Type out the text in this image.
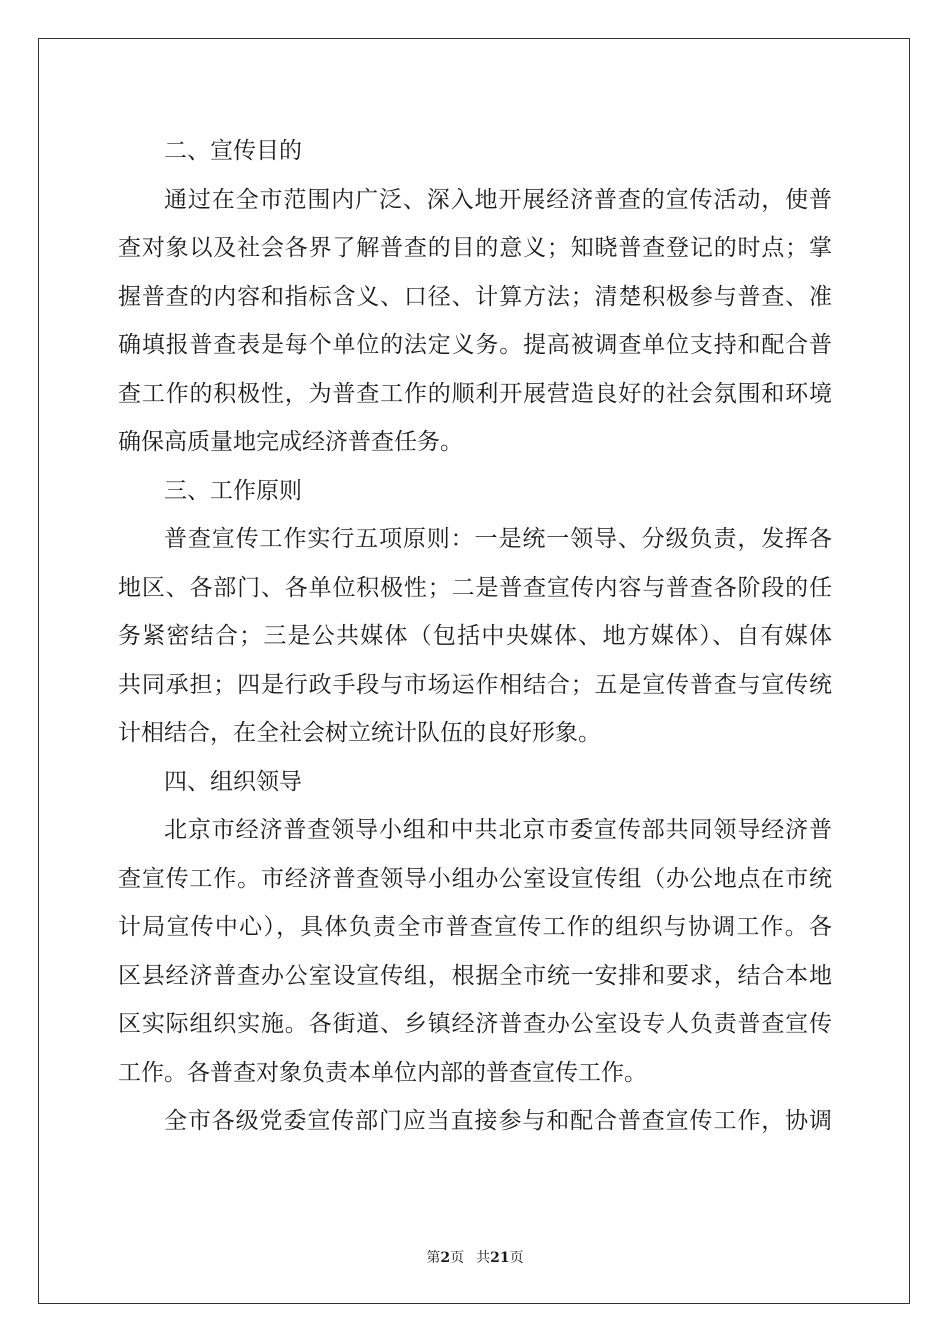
二、宣传目的
通过在全市范围内广泛、深入地开展经济普查的宣传活动，使普
查对象以及社会各界了解普查的目的意义；知晓普查登记的时点；掌
握普查的内容和指标含义、口径、计算方法；清楚积极参与普查、准
确填报普查表是每个单位的法定义务。提高被调查单位支持和配合普
查工作的积极性，为普查工作的顺利开展营造良好的社会氛围和环境
确保高质量地完成经济普查任务。
三、工作原则
普查宣传工作实行五项原则：一是统一领导、分级负责，发挥各
地区、各部门、各单位积极性；二是普查宣传内容与普查各阶段的任
务紧密结合；三是公共媒体（包括中央媒体、地方媒体）、自有媒体
共同承担；四是行政手段与市场运作相结合；五是宣传普查与宣传统
计相结合，在全社会树立统计队伍的良好形象。
四、组织领导
北京市经济普查领导小组和中共北京市委宣传部共同领导经济普
查宣传工作。市经济普查领导小组办公室设宣传组（办公地点在市统
计局宣传中心），具体负责全市普查宣传工作的组织与协调工作。各
区县经济普查办公室设宣传组，根据全市统一安排和要求，结合本地
区实际组织实施。各街道、乡镇经济普查办公室设专人负责普查宣传
工作。各普查对象负责本单位内部的普查宣传工作。
全市各级党委宣传部门应当直接参与和配合普查宣传工作，协调
第2页 共21页
